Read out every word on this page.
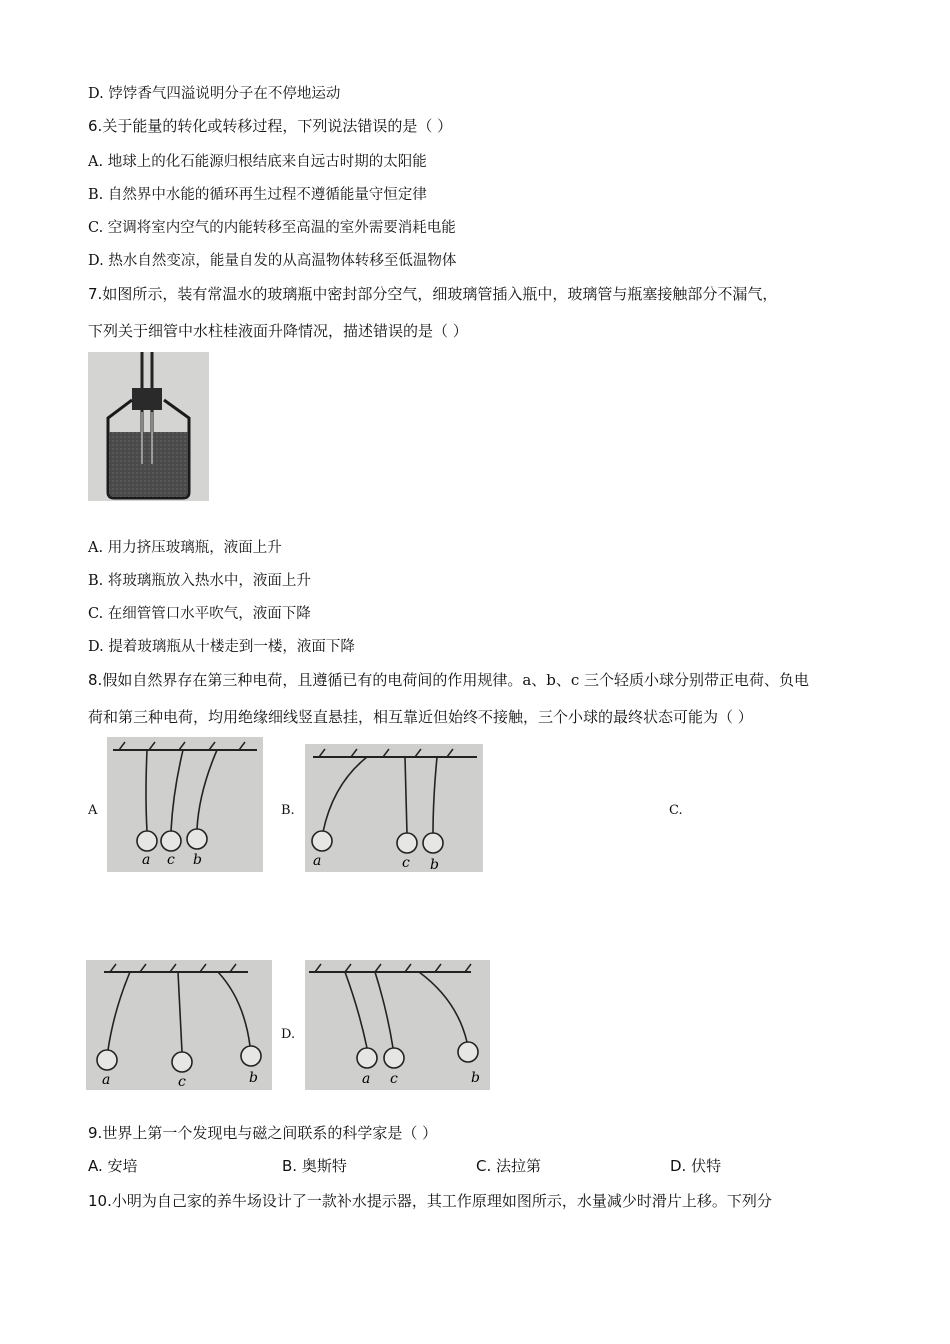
D. 饽饽香气四溢说明分子在不停地运动
6.关于能量的转化或转移过程，下列说法错误的是（ ）
A. 地球上的化石能源归根结底来自远古时期的太阳能
B. 自然界中水能的循环再生过程不遵循能量守恒定律
C. 空调将室内空气的内能转移至高温的室外需要消耗电能
D. 热水自然变凉，能量自发的从高温物体转移至低温物体
7.如图所示，装有常温水的玻璃瓶中密封部分空气，细玻璃管插入瓶中，玻璃管与瓶塞接触部分不漏气，
下列关于细管中水柱桂液面升降情况，描述错误的是（ ）
A. 用力挤压玻璃瓶，液面上升
B. 将玻璃瓶放入热水中，液面上升
C. 在细管管口水平吹气，液面下降
D. 提着玻璃瓶从十楼走到一楼，液面下降
8.假如自然界存在第三种电荷，且遵循已有的电荷间的作用规律。a、b、c 三个轻质小球分别带正电荷、负电
荷和第三种电荷，均用绝缘细线竖直悬挂，相互靠近但始终不接触，三个小球的最终状态可能为（ ）
A
a c b
B.
a	c b
C.
a	c	b
D.
a c	b
9.世界上第一个发现电与磁之间联系的科学家是（ ）
A. 安培	B. 奥斯特	C. 法拉第	D. 伏特
10.小明为自己家的养牛场设计了一款补水提示器，其工作原理如图所示，水量减少时滑片上移。下列分
